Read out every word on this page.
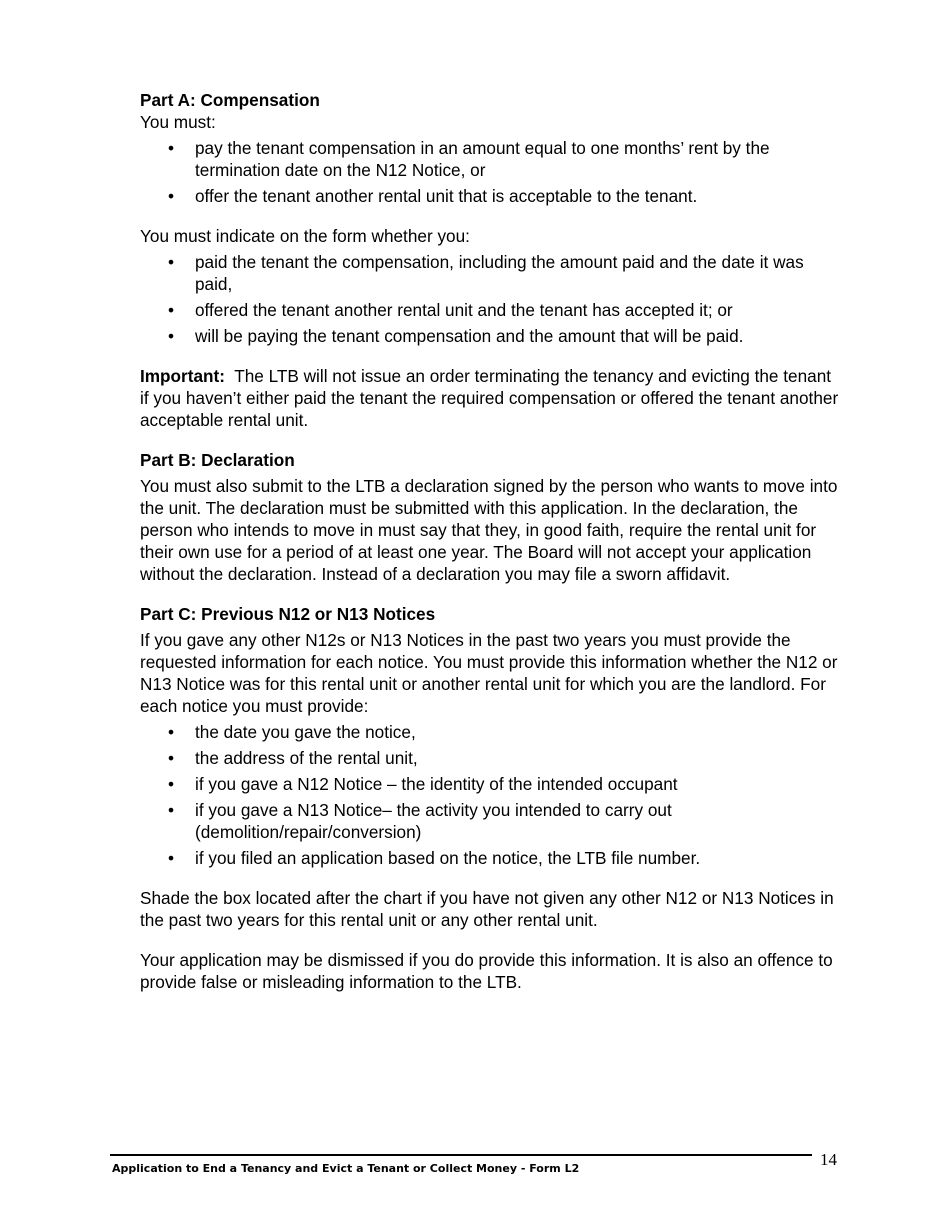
Part A: Compensation

You must:

• pay the tenant compensation in an amount equal to one months’ rent by the termination date on the N12 Notice, or
• offer the tenant another rental unit that is acceptable to the tenant.

You must indicate on the form whether you:

• paid the tenant the compensation, including the amount paid and the date it was paid,
• offered the tenant another rental unit and the tenant has accepted it; or
• will be paying the tenant compensation and the amount that will be paid.

Important: The LTB will not issue an order terminating the tenancy and evicting the tenant if you haven’t either paid the tenant the required compensation or offered the tenant another acceptable rental unit.

Part B: Declaration

You must also submit to the LTB a declaration signed by the person who wants to move into the unit. The declaration must be submitted with this application. In the declaration, the person who intends to move in must say that they, in good faith, require the rental unit for their own use for a period of at least one year. The Board will not accept your application without the declaration. Instead of a declaration you may file a sworn affidavit.

Part C: Previous N12 or N13 Notices

If you gave any other N12s or N13 Notices in the past two years you must provide the requested information for each notice. You must provide this information whether the N12 or N13 Notice was for this rental unit or another rental unit for which you are the landlord. For each notice you must provide:

• the date you gave the notice,
• the address of the rental unit,
• if you gave a N12 Notice – the identity of the intended occupant
• if you gave a N13 Notice– the activity you intended to carry out (demolition/repair/conversion)
• if you filed an application based on the notice, the LTB file number.

Shade the box located after the chart if you have not given any other N12 or N13 Notices in the past two years for this rental unit or any other rental unit.

Your application may be dismissed if you do provide this information. It is also an offence to provide false or misleading information to the LTB.

Application to End a Tenancy and Evict a Tenant or Collect Money - Form L2	14
